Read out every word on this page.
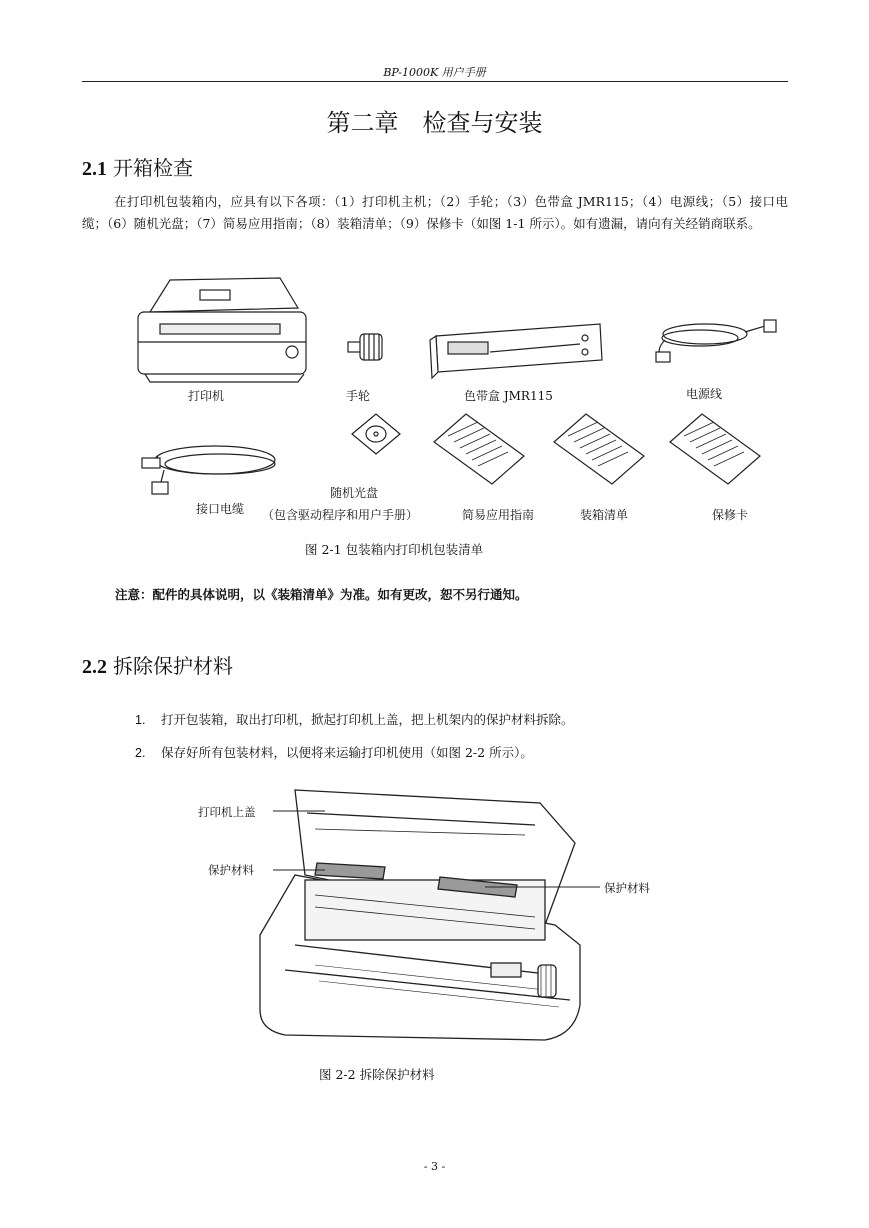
BP-1000K 用户手册
第二章　检查与安装
2.1 开箱检查
在打印机包装箱内，应具有以下各项：（1）打印机主机；（2）手轮；（3）色带盒 JMR115；（4）电源线；（5）接口电缆；（6）随机光盘；（7）简易应用指南；（8）装箱清单；（9）保修卡（如图 1-1 所示）。如有遗漏，请向有关经销商联系。
打印机	手轮	色带盒 JMR115	电源线
接口电缆
随机光盘
（包含驱动程序和用户手册）	简易应用指南	装箱清单	保修卡
图 2-1 包装箱内打印机包装清单
注意：配件的具体说明，以《装箱清单》为准。如有更改，恕不另行通知。
2.2 拆除保护材料
1. 打开包装箱，取出打印机，掀起打印机上盖，把上机架内的保护材料拆除。
2. 保存好所有包装材料，以便将来运输打印机使用（如图 2-2 所示）。
打印机上盖
保护材料
保护材料
图 2-2 拆除保护材料
- 3 -
